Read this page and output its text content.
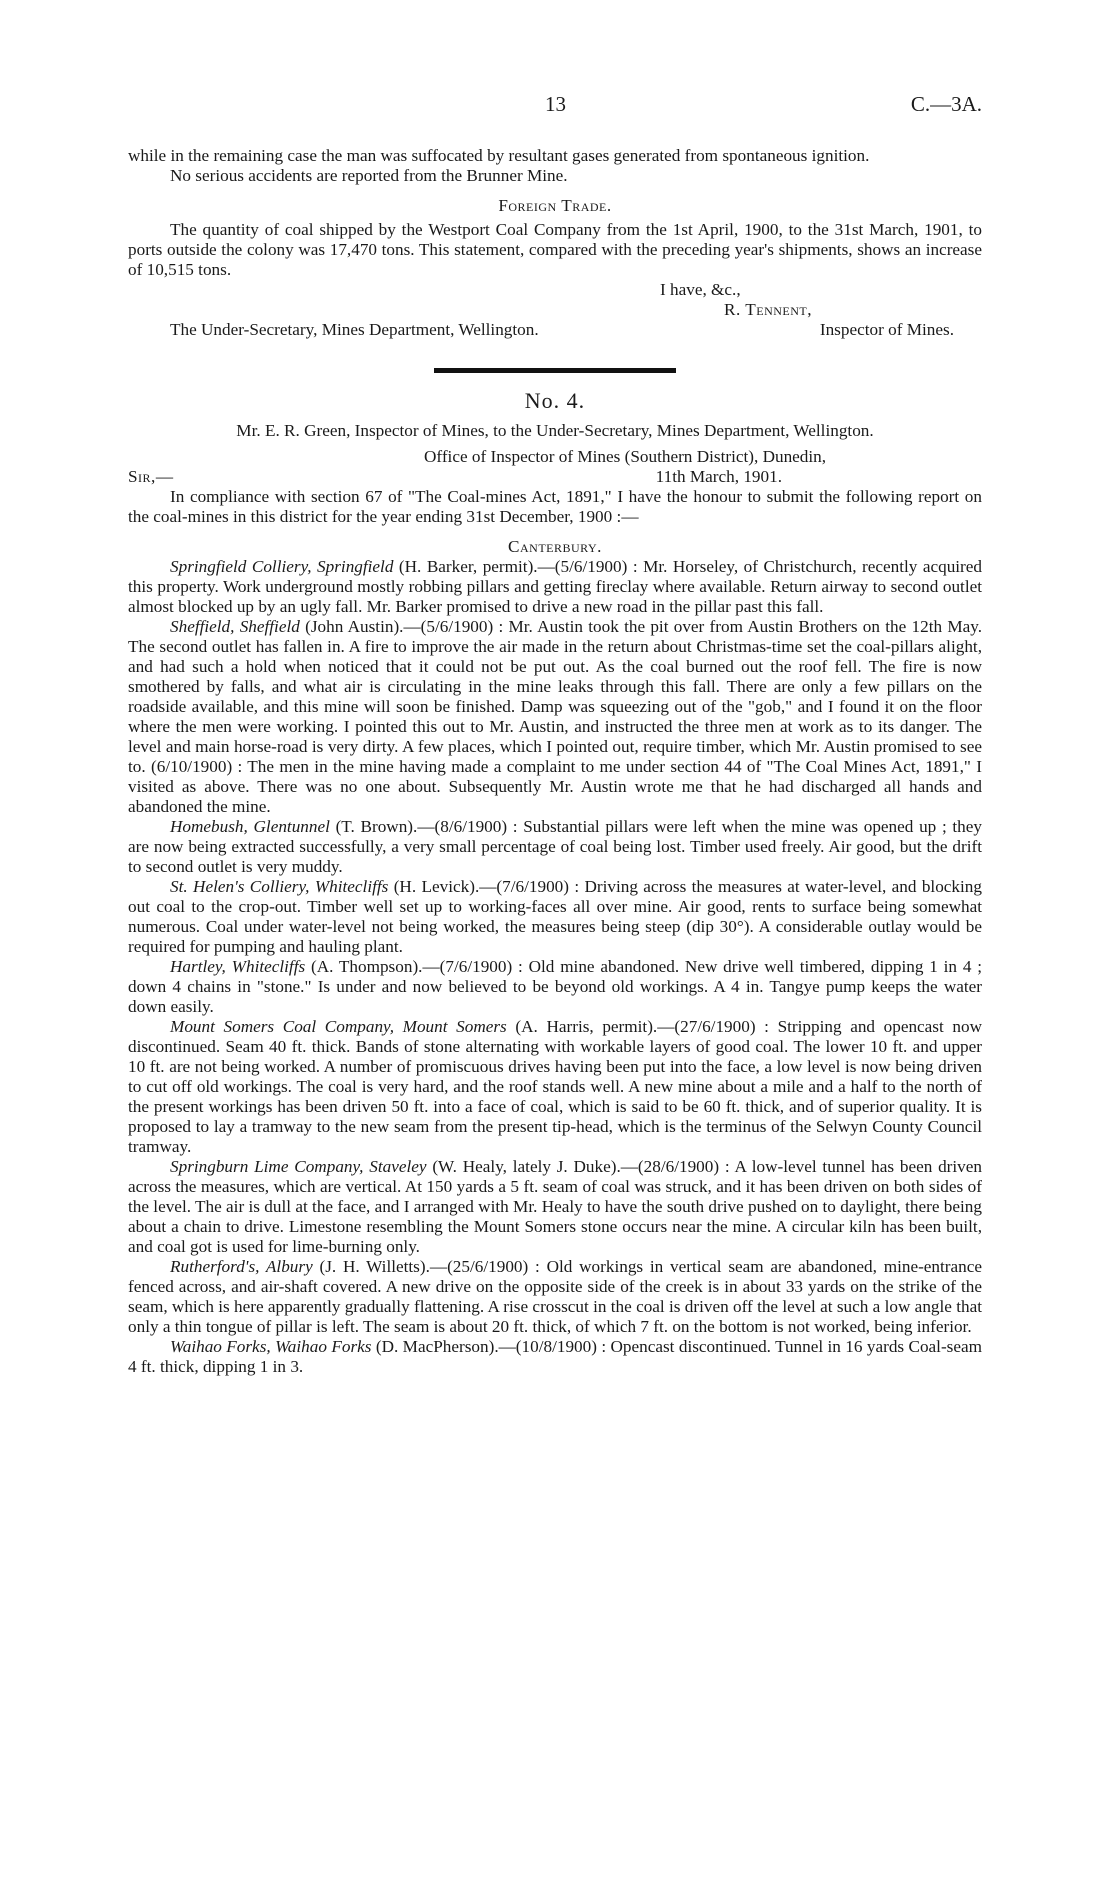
13	C.—3A.

while in the remaining case the man was suffocated by resultant gases generated from spontaneous ignition.

No serious accidents are reported from the Brunner Mine.

Foreign Trade.

The quantity of coal shipped by the Westport Coal Company from the 1st April, 1900, to the 31st March, 1901, to ports outside the colony was 17,470 tons. This statement, compared with the preceding year's shipments, shows an increase of 10,515 tons.

I have, &c.,
R. Tennent,
The Under-Secretary, Mines Department, Wellington.	Inspector of Mines.
No. 4.

Mr. E. R. Green, Inspector of Mines, to the Under-Secretary, Mines Department, Wellington.

Office of Inspector of Mines (Southern District), Dunedin,
Sir,—	11th March, 1901.

In compliance with section 67 of "The Coal-mines Act, 1891," I have the honour to submit the following report on the coal-mines in this district for the year ending 31st December, 1900 :—

Canterbury.

Springfield Colliery, Springfield (H. Barker, permit).—(5/6/1900) : Mr. Horseley, of Christchurch, recently acquired this property. Work underground mostly robbing pillars and getting fireclay where available. Return airway to second outlet almost blocked up by an ugly fall. Mr. Barker promised to drive a new road in the pillar past this fall.

Sheffield, Sheffield (John Austin).—(5/6/1900) : Mr. Austin took the pit over from Austin Brothers on the 12th May. The second outlet has fallen in. A fire to improve the air made in the return about Christmas-time set the coal-pillars alight, and had such a hold when noticed that it could not be put out. As the coal burned out the roof fell. The fire is now smothered by falls, and what air is circulating in the mine leaks through this fall. There are only a few pillars on the roadside available, and this mine will soon be finished. Damp was squeezing out of the "gob," and I found it on the floor where the men were working. I pointed this out to Mr. Austin, and instructed the three men at work as to its danger. The level and main horse-road is very dirty. A few places, which I pointed out, require timber, which Mr. Austin promised to see to. (6/10/1900) : The men in the mine having made a complaint to me under section 44 of "The Coal Mines Act, 1891," I visited as above. There was no one about. Subsequently Mr. Austin wrote me that he had discharged all hands and abandoned the mine.

Homebush, Glentunnel (T. Brown).—(8/6/1900) : Substantial pillars were left when the mine was opened up ; they are now being extracted successfully, a very small percentage of coal being lost. Timber used freely. Air good, but the drift to second outlet is very muddy.

St. Helen's Colliery, Whitecliffs (H. Levick).—(7/6/1900) : Driving across the measures at water-level, and blocking out coal to the crop-out. Timber well set up to working-faces all over mine. Air good, rents to surface being somewhat numerous. Coal under water-level not being worked, the measures being steep (dip 30°). A considerable outlay would be required for pumping and hauling plant.

Hartley, Whitecliffs (A. Thompson).—(7/6/1900) : Old mine abandoned. New drive well timbered, dipping 1 in 4 ; down 4 chains in "stone." Is under and now believed to be beyond old workings. A 4 in. Tangye pump keeps the water down easily.

Mount Somers Coal Company, Mount Somers (A. Harris, permit).—(27/6/1900) : Stripping and opencast now discontinued. Seam 40 ft. thick. Bands of stone alternating with workable layers of good coal. The lower 10 ft. and upper 10 ft. are not being worked. A number of promiscuous drives having been put into the face, a low level is now being driven to cut off old workings. The coal is very hard, and the roof stands well. A new mine about a mile and a half to the north of the present workings has been driven 50 ft. into a face of coal, which is said to be 60 ft. thick, and of superior quality. It is proposed to lay a tramway to the new seam from the present tip-head, which is the terminus of the Selwyn County Council tramway.

Springburn Lime Company, Staveley (W. Healy, lately J. Duke).—(28/6/1900) : A low-level tunnel has been driven across the measures, which are vertical. At 150 yards a 5 ft. seam of coal was struck, and it has been driven on both sides of the level. The air is dull at the face, and I arranged with Mr. Healy to have the south drive pushed on to daylight, there being about a chain to drive. Limestone resembling the Mount Somers stone occurs near the mine. A circular kiln has been built, and coal got is used for lime-burning only.

Rutherford's, Albury (J. H. Willetts).—(25/6/1900) : Old workings in vertical seam are abandoned, mine-entrance fenced across, and air-shaft covered. A new drive on the opposite side of the creek is in about 33 yards on the strike of the seam, which is here apparently gradually flattening. A rise crosscut in the coal is driven off the level at such a low angle that only a thin tongue of pillar is left. The seam is about 20 ft. thick, of which 7 ft. on the bottom is not worked, being inferior.

Waihao Forks, Waihao Forks (D. MacPherson).—(10/8/1900) : Opencast discontinued. Tunnel in 16 yards Coal-seam 4 ft. thick, dipping 1 in 3.
